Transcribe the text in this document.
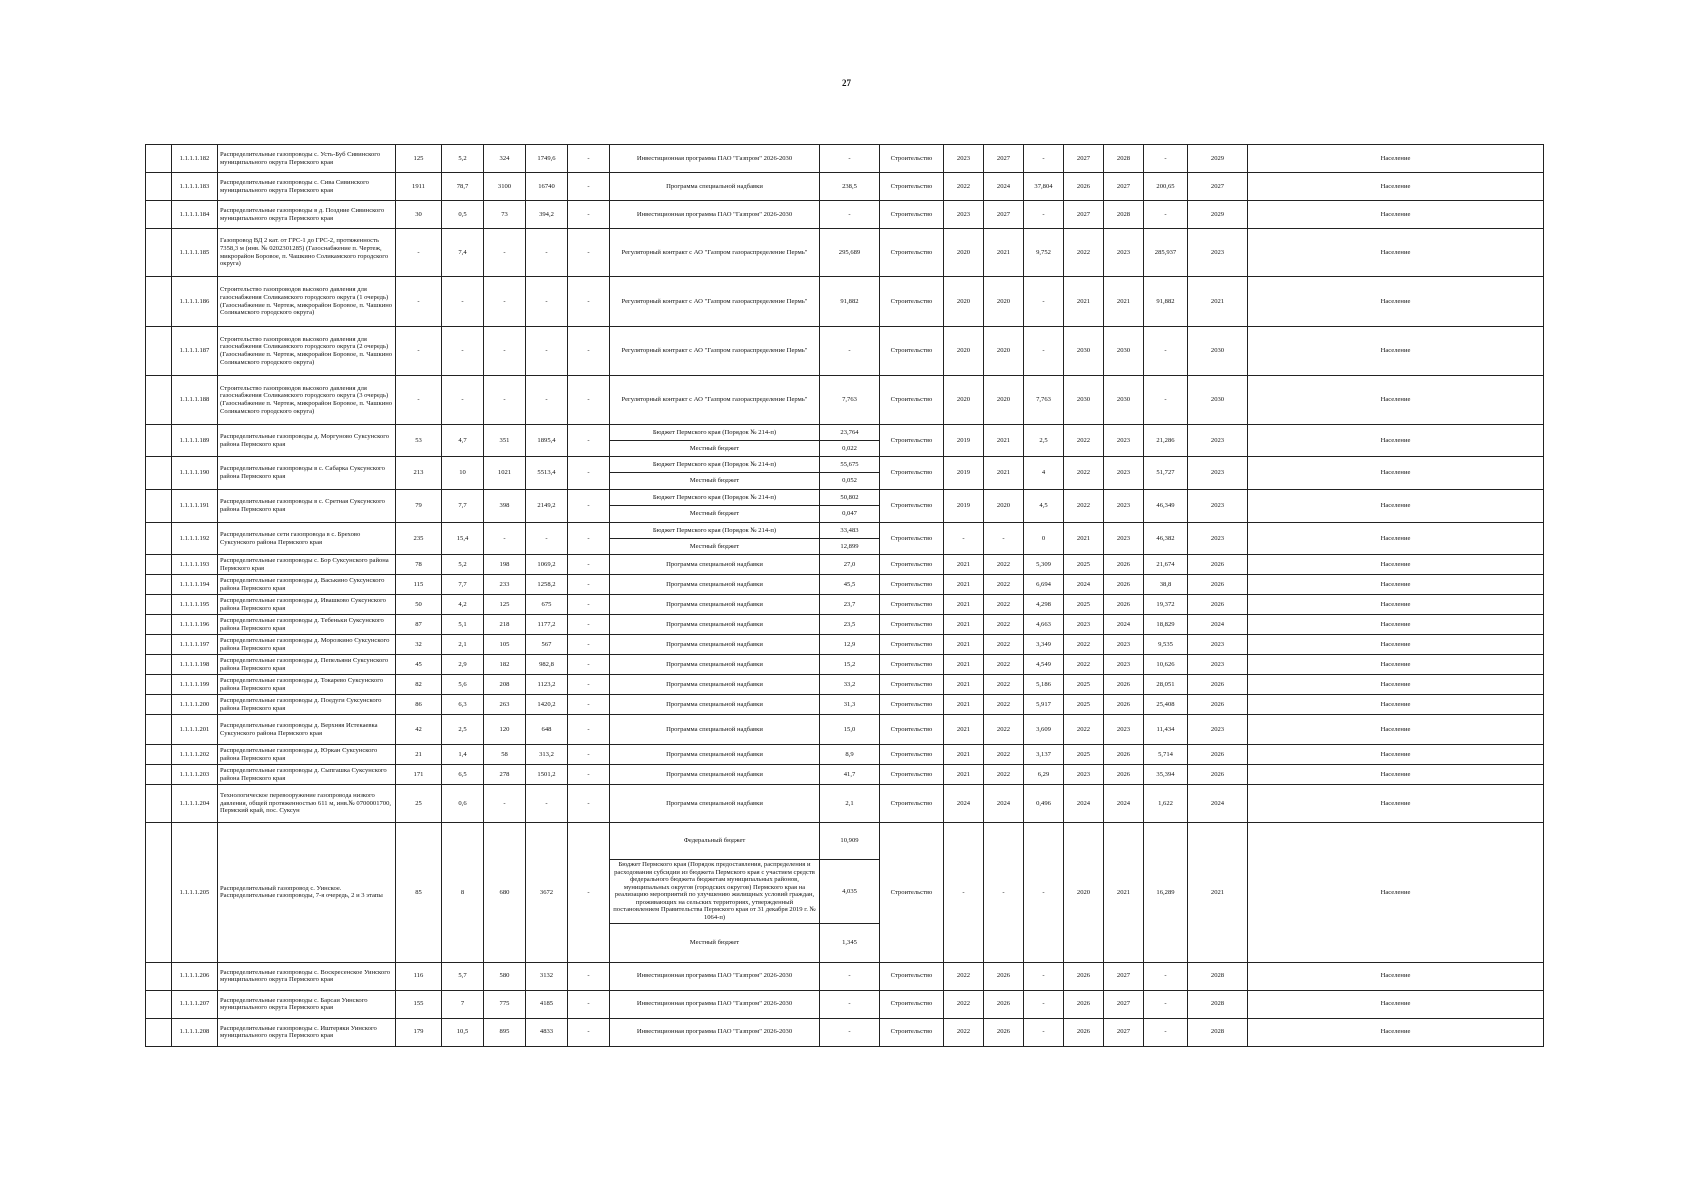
27
	1.1.1.1.182	Распределительные газопроводы с. Усть-Буб Сивинского муниципального округа Пермского края	125	5,2	324	1749,6	-	Инвестиционная программа ПАО "Газпром" 2026-2030	-	Строительство	2023	2027	-	2027	2028	-	2029	Население
	1.1.1.1.183	Распределительные газопроводы с. Сива Сивинского муниципального округа Пермского края	1911	78,7	3100	16740	-	Программа специальной надбавки	238,5	Строительство	2022	2024	37,804	2026	2027	200,65	2027	Население
	1.1.1.1.184	Распределительные газопроводы в д. Поздние Сивинского муниципального округа Пермского края	30	0,5	73	394,2	-	Инвестиционная программа ПАО "Газпром" 2026-2030	-	Строительство	2023	2027	-	2027	2028	-	2029	Население
	1.1.1.1.185	Газопровод ВД 2 кат. от ГРС-1 до ГРС-2, протяженность 7358,3 м (инв. № 0202301285) (Газоснабжение п. Чертеж, микрорайон Боровое, п. Чашкино Соликамского городского округа)	-	7,4	-	-	-	Регуляторный контракт с АО "Газпром газораспределение Пермь"	295,689	Строительство	2020	2021	9,752	2022	2023	285,937	2023	Население
	1.1.1.1.186	Строительство газопроводов высокого давления для газоснабжения Соликамского городского округа (1 очередь)(Газоснабжение п. Чертеж, микрорайон Боровое, п. Чашкино Соликамского городского округа)	-	-	-	-	-	Регуляторный контракт с АО "Газпром газораспределение Пермь"	91,882	Строительство	2020	2020	-	2021	2021	91,882	2021	Население
	1.1.1.1.187	Строительство газопроводов высокого давления для газоснабжения Соликамского городского округа (2 очередь)(Газоснабжение п. Чертеж, микрорайон Боровое, п. Чашкино Соликамского городского округа)	-	-	-	-	-	Регуляторный контракт с АО "Газпром газораспределение Пермь"	-	Строительство	2020	2020	-	2030	2030	-	2030	Население
	1.1.1.1.188	Строительство газопроводов высокого давления для газоснабжения Соликамского городского округа (3 очередь)(Газоснабжение п. Чертеж, микрорайон Боровое, п. Чашкино Соликамского городского округа)	-	-	-	-	-	Регуляторный контракт с АО "Газпром газораспределение Пермь"	7,763	Строительство	2020	2020	7,763	2030	2030	-	2030	Население
	1.1.1.1.189	Распределительные газопроводы д. Моргуново Суксунского района Пермского края	53	4,7	351	1895,4	-	Бюджет Пермского края (Порядок № 214-п)	23,764	Строительство	2019	2021	2,5	2022	2023	21,286	2023	Население
								Местный бюджет	0,022									
	1.1.1.1.190	Распределительные газопроводы в с. Сабарка Суксунского района Пермского края	213	10	1021	5513,4	-	Бюджет Пермского края (Порядок № 214-п)	55,675	Строительство	2019	2021	4	2022	2023	51,727	2023	Население
								Местный бюджет	0,052									
	1.1.1.1.191	Распределительные газопроводы в с. Сретная Суксунского района Пермского края	79	7,7	398	2149,2	-	Бюджет Пермского края (Порядок № 214-п)	50,802	Строительство	2019	2020	4,5	2022	2023	46,349	2023	Население
								Местный бюджет	0,047									
	1.1.1.1.192	Распределительные сети газопровода в с. Брехово Суксунского района Пермского края	235	15,4	-	-	-	Бюджет Пермского края (Порядок № 214-п)	33,483	Строительство	-	-	0	2021	2023	46,382	2023	Население
								Местный бюджет	12,899									
	1.1.1.1.193	Распределительные газопроводы с. Бор Суксунского района Пермского края	78	5,2	198	1069,2	-	Программа специальной надбавки	27,0	Строительство	2021	2022	5,309	2025	2026	21,674	2026	Население
	1.1.1.1.194	Распределительные газопроводы д. Васькино Суксунского района Пермского края	115	7,7	233	1258,2	-	Программа специальной надбавки	45,5	Строительство	2021	2022	6,694	2024	2026	38,8	2026	Население
	1.1.1.1.195	Распределительные газопроводы д. Ивашково Суксунского района Пермского края	50	4,2	125	675	-	Программа специальной надбавки	23,7	Строительство	2021	2022	4,298	2025	2026	19,372	2026	Население
	1.1.1.1.196	Распределительные газопроводы д. Тебеньки Суксунского района Пермского края	87	5,1	218	1177,2	-	Программа специальной надбавки	23,5	Строительство	2021	2022	4,663	2023	2024	18,829	2024	Население
	1.1.1.1.197	Распределительные газопроводы д. Морозкино Суксунского района Пермского края	32	2,1	105	567	-	Программа специальной надбавки	12,9	Строительство	2021	2022	3,349	2022	2023	9,535	2023	Население
	1.1.1.1.198	Распределительные газопроводы д. Пепельяни Суксунского района Пермского края	45	2,9	182	982,8	-	Программа специальной надбавки	15,2	Строительство	2021	2022	4,549	2022	2023	10,626	2023	Население
	1.1.1.1.199	Распределительные газопроводы д. Токарево Суксунского района Пермского края	82	5,6	208	1123,2	-	Программа специальной надбавки	33,2	Строительство	2021	2022	5,186	2025	2026	28,051	2026	Население
	1.1.1.1.200	Распределительные газопроводы д. Поедуги Суксунского района Пермского края	86	6,3	263	1420,2	-	Программа специальной надбавки	31,3	Строительство	2021	2022	5,917	2025	2026	25,408	2026	Население
	1.1.1.1.201	Распределительные газопроводы д. Верхняя Истекаевка Суксунского района Пермского края	42	2,5	120	648	-	Программа специальной надбавки	15,0	Строительство	2021	2022	3,609	2022	2023	11,434	2023	Население
	1.1.1.1.202	Распределительные газопроводы д. Юркан Суксунского района Пермского края	21	1,4	58	313,2	-	Программа специальной надбавки	8,9	Строительство	2021	2022	3,137	2025	2026	5,714	2026	Население
	1.1.1.1.203	Распределительные газопроводы д. Сыпгашка Суксунского района Пермского края	171	6,5	278	1501,2	-	Программа специальной надбавки	41,7	Строительство	2021	2022	6,29	2023	2026	35,394	2026	Население
	1.1.1.1.204	Технологическое перевооружение газопровода низкого давления, общей протяженностью 611 м, инв.№ 0700001700, Пермский край, пос. Суксун	25	0,6	-	-	-	Программа специальной надбавки	2,1	Строительство	2024	2024	0,496	2024	2024	1,622	2024	Население
	1.1.1.1.205	Распределительный газопровод с. Уинское. Распределительные газопроводы, 7-я очередь, 2 и 3 этапы	85	8	680	3672	-	Федеральный бюджет	10,909	Строительство	-	-	-	2020	2021	16,289	2021	Население
								Бюджет Пермского края (Порядок предоставления, распределения и расходования субсидии из бюджета Пермского края с участием средств федерального бюджета бюджетам муниципальных районов, муниципальных округов (городских округов) Пермского края на реализацию мероприятий по улучшению жилищных условий граждан, проживающих на сельских территориях, утвержденный постановлением Правительства Пермского края от 31 декабря 2019 г. № 1064-п)	4,035									
								Местный бюджет	1,345									
	1.1.1.1.206	Распределительные газопроводы с. Воскресенское Уинского муниципального округа Пермского края	116	5,7	580	3132	-	Инвестиционная программа ПАО "Газпром" 2026-2030	-	Строительство	2022	2026	-	2026	2027	-	2028	Население
	1.1.1.1.207	Распределительные газопроводы с. Барсаи Уинского муниципального округа Пермского края	155	7	775	4185	-	Инвестиционная программа ПАО "Газпром" 2026-2030	-	Строительство	2022	2026	-	2026	2027	-	2028	Население
	1.1.1.1.208	Распределительные газопроводы с. Иштеряки Уинского муниципального округа Пермского края	179	10,5	895	4833	-	Инвестиционная программа ПАО "Газпром" 2026-2030	-	Строительство	2022	2026	-	2026	2027	-	2028	Население
